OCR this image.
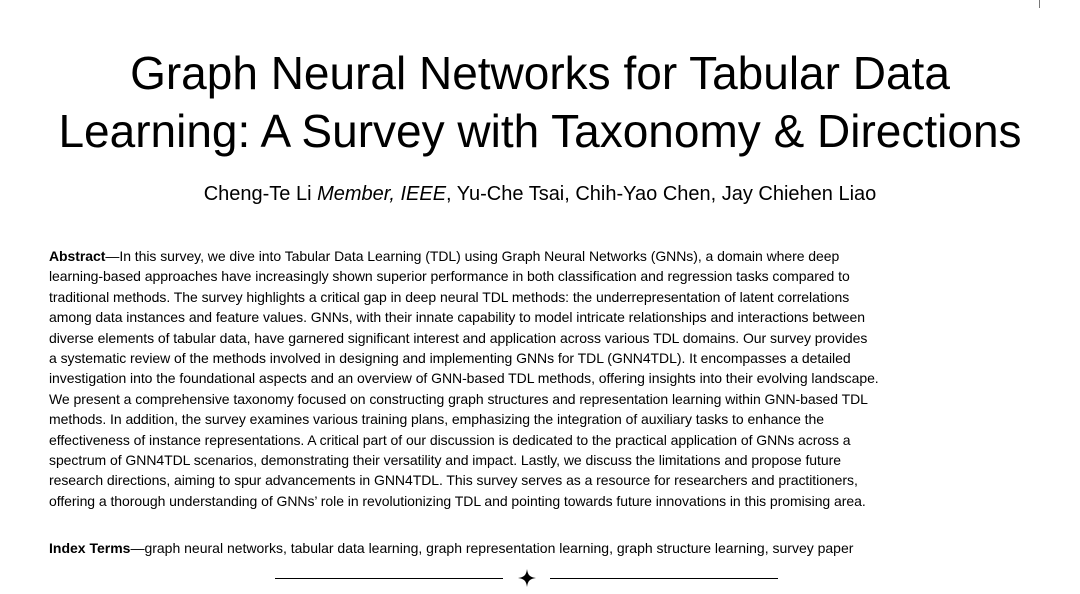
Graph Neural Networks for Tabular Data
Learning: A Survey with Taxonomy & Directions
Cheng-Te Li Member, IEEE, Yu-Che Tsai, Chih-Yao Chen, Jay Chiehen Liao

Abstract—In this survey, we dive into Tabular Data Learning (TDL) using Graph Neural Networks (GNNs), a domain where deep
learning-based approaches have increasingly shown superior performance in both classification and regression tasks compared to
traditional methods. The survey highlights a critical gap in deep neural TDL methods: the underrepresentation of latent correlations
among data instances and feature values. GNNs, with their innate capability to model intricate relationships and interactions between
diverse elements of tabular data, have garnered significant interest and application across various TDL domains. Our survey provides
a systematic review of the methods involved in designing and implementing GNNs for TDL (GNN4TDL). It encompasses a detailed
investigation into the foundational aspects and an overview of GNN-based TDL methods, offering insights into their evolving landscape.
We present a comprehensive taxonomy focused on constructing graph structures and representation learning within GNN-based TDL
methods. In addition, the survey examines various training plans, emphasizing the integration of auxiliary tasks to enhance the
effectiveness of instance representations. A critical part of our discussion is dedicated to the practical application of GNNs across a
spectrum of GNN4TDL scenarios, demonstrating their versatility and impact. Lastly, we discuss the limitations and propose future
research directions, aiming to spur advancements in GNN4TDL. This survey serves as a resource for researchers and practitioners,
offering a thorough understanding of GNNs’ role in revolutionizing TDL and pointing towards future innovations in this promising area.

Index Terms—graph neural networks, tabular data learning, graph representation learning, graph structure learning, survey paper
